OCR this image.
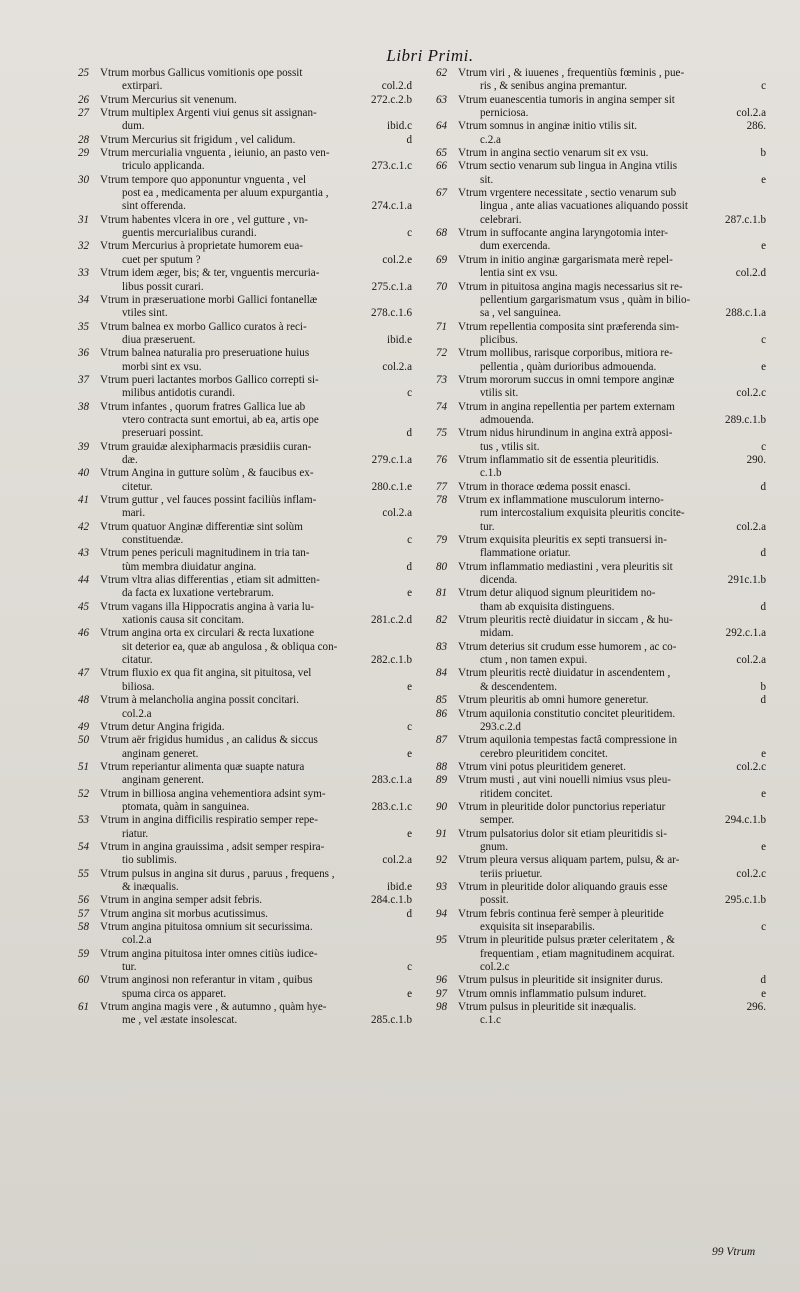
Libri Primi.
25 Vtrum morbus Gallicus vomitionis ope possit
extirpari.	col.2.d
26 Vtrum Mercurius sit venenum.	272.c.2.b
27 Vtrum multiplex Argenti viui genus sit assignan-
dum.	ibid.c
28 Vtrum Mercurius sit frigidum , vel calidum.	d
29 Vtrum mercurialia vnguenta , ieiunio, an pasto ven-
triculo applicanda.	273.c.1.c
30 Vtrum tempore quo apponuntur vnguenta , vel
post ea , medicamenta per aluum expurgantia ,
sint offerenda.	274.c.1.a
31 Vtrum habentes vlcera in ore , vel gutture , vn-
guentis mercurialibus curandi.	c
32 Vtrum Mercurius à proprietate humorem eua-
cuet per sputum ?	col.2.e
33 Vtrum idem æger, bis; & ter, vnguentis mercuria-
libus possit curari.	275.c.1.a
34 Vtrum in præseruatione morbi Gallici fontanellæ
vtiles sint.	278.c.1.6
35 Vtrum balnea ex morbo Gallico curatos à reci-
diua præseruent.	ibid.e
36 Vtrum balnea naturalia pro preseruatione huius
morbi sint ex vsu.	col.2.a
37 Vtrum pueri lactantes morbos Gallico correpti si-
milibus antidotis curandi.	c
38 Vtrum infantes , quorum fratres Gallica lue ab
vtero contracta sunt emortui, ab ea, artis ope
preseruari possint.	d
39 Vtrum grauidæ alexipharmacis præsidiis curan-
dæ.	279.c.1.a
40 Vtrum Angina in gutture solùm , & faucibus ex-
citetur.	280.c.1.e
41 Vtrum guttur , vel fauces possint faciliùs inflam-
mari.	col.2.a
42 Vtrum quatuor Anginæ differentiæ sint solùm
constituendæ.	c
43 Vtrum penes periculi magnitudinem in tria tan-
tùm membra diuidatur angina.	d
44 Vtrum vltra alias differentias , etiam sit admitten-
da facta ex luxatione vertebrarum.	e
45 Vtrum vagans illa Hippocratis angina à varia lu-
xationis causa sit concitam.	281.c.2.d
46 Vtrum angina orta ex circulari & recta luxatione
sit deterior ea, quæ ab angulosa , & obliqua con-
citatur.	282.c.1.b
47 Vtrum fluxio ex qua fit angina, sit pituitosa, vel
biliosa.	e
48 Vtrum à melancholia angina possit concitari.
col.2.a
49 Vtrum detur Angina frigida.	c
50 Vtrum aër frigidus humidus , an calidus & siccus
anginam generet.	e
51 Vtrum reperiantur alimenta quæ suapte natura
anginam generent.	283.c.1.a
52 Vtrum in billiosa angina vehementiora adsint sym-
ptomata, quàm in sanguinea.	283.c.1.c
53 Vtrum in angina difficilis respiratio semper repe-
riatur.	e
54 Vtrum in angina grauissima , adsit semper respira-
tio sublimis.	col.2.a
55 Vtrum pulsus in angina sit durus , paruus , frequens ,
& inæqualis.	ibid.e
56 Vtrum in angina semper adsit febris.	284.c.1.b
57 Vtrum angina sit morbus acutissimus.	d
58 Vtrum angina pituitosa omnium sit securissima.
col.2.a
59 Vtrum angina pituitosa inter omnes citiùs iudice-
tur.	c
60 Vtrum anginosi non referantur in vitam , quibus
spuma circa os apparet.	e
61 Vtrum angina magis vere , & autumno , quàm hye-
me , vel æstate insolescat.	285.c.1.b
62 Vtrum viri , & iuuenes , frequentiùs fœminis , pue-
ris , & senibus angina premantur.	c
63 Vtrum euanescentia tumoris in angina semper sit
perniciosa.	col.2.a
64 Vtrum somnus in anginæ initio vtilis sit.	286.
c.2.a
65 Vtrum in angina sectio venarum sit ex vsu.	b
66 Vtrum sectio venarum sub lingua in Angina vtilis
sit.	e
67 Vtrum vrgentere necessitate , sectio venarum sub
lingua , ante alias vacuationes aliquando possit
celebrari.	287.c.1.b
68 Vtrum in suffocante angina laryngotomia inter-
dum exercenda.	e
69 Vtrum in initio anginæ gargarismata merè repel-
lentia sint ex vsu.	col.2.d
70 Vtrum in pituitosa angina magis necessarius sit re-
pellentium gargarismatum vsus , quàm in bilio-
sa , vel sanguinea.	288.c.1.a
71 Vtrum repellentia composita sint præferenda sim-
plicibus.	c
72 Vtrum mollibus, rarisque corporibus, mitiora re-
pellentia , quàm durioribus admouenda.	e
73 Vtrum mororum succus in omni tempore anginæ
vtilis sit.	col.2.c
74 Vtrum in angina repellentia per partem externam
admouenda.	289.c.1.b
75 Vtrum nidus hirundinum in angina extrà apposi-
tus , vtilis sit.	c
76 Vtrum inflammatio sit de essentia pleuritidis.	290.
c.1.b
77 Vtrum in thorace œdema possit enasci.	d
78 Vtrum ex inflammatione musculorum interno-
rum intercostalium exquisita pleuritis concite-
tur.	col.2.a
79 Vtrum exquisita pleuritis ex septi transuersi in-
flammatione oriatur.	d
80 Vtrum inflammatio mediastini , vera pleuritis sit
dicenda.	291c.1.b
81 Vtrum detur aliquod signum pleuritidem no-
tham ab exquisita distinguens.	d
82 Vtrum pleuritis rectè diuidatur in siccam , & hu-
midam.	292.c.1.a
83 Vtrum deterius sit crudum esse humorem , ac co-
ctum , non tamen expui.	col.2.a
84 Vtrum pleuritis rectè diuidatur in ascendentem ,
& descendentem.	b
85 Vtrum pleuritis ab omni humore generetur.	d
86 Vtrum aquilonia constitutio concitet pleuritidem.
293.c.2.d
87 Vtrum aquilonia tempestas factâ compressione in
cerebro pleuritidem concitet.	e
88 Vtrum vini potus pleuritidem generet.	col.2.c
89 Vtrum musti , aut vini nouelli nimius vsus pleu-
ritidem concitet.	e
90 Vtrum in pleuritide dolor punctorius reperiatur
semper.	294.c.1.b
91 Vtrum pulsatorius dolor sit etiam pleuritidis si-
gnum.	e
92 Vtrum pleura versus aliquam partem, pulsu, & ar-
teriis priuetur.	col.2.c
93 Vtrum in pleuritide dolor aliquando grauis esse
possit.	295.c.1.b
94 Vtrum febris continua ferè semper à pleuritide
exquisita sit inseparabilis.	c
95 Vtrum in pleuritide pulsus præter celeritatem , &
frequentiam , etiam magnitudinem acquirat.
col.2.c
96 Vtrum pulsus in pleuritide sit insigniter durus.	d
97 Vtrum omnis inflammatio pulsum induret.	e
98 Vtrum pulsus in pleuritide sit inæqualis.	296.
c.1.c
99 Vtrum
